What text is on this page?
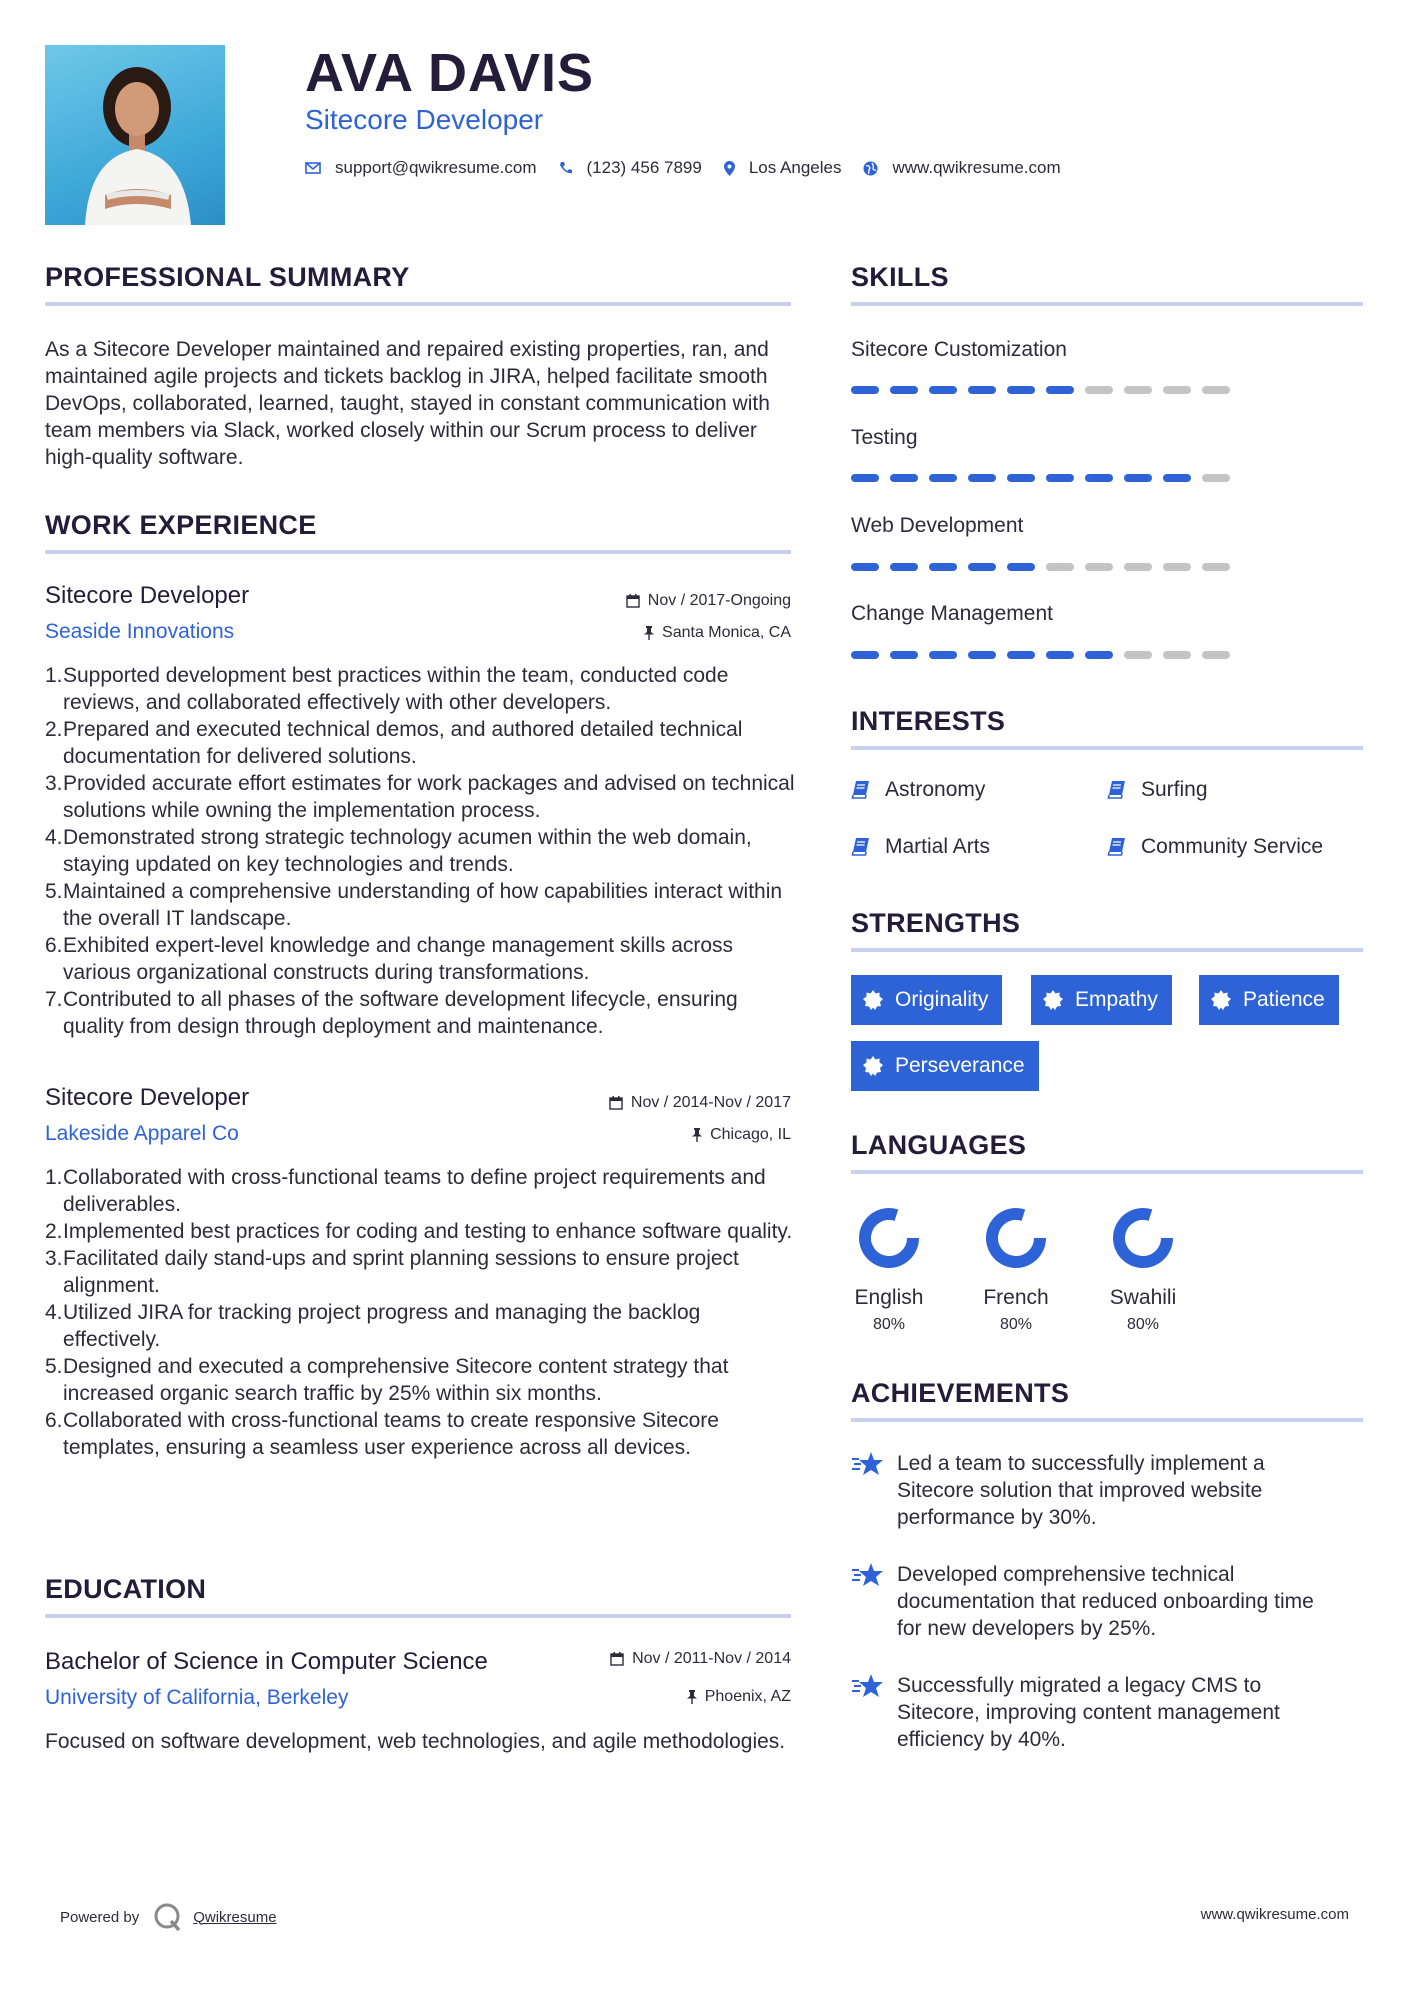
AVA DAVIS
Sitecore Developer
support@qwikresume.com	(123) 456 7899	Los Angeles	www.qwikresume.com
PROFESSIONAL SUMMARY
As a Sitecore Developer maintained and repaired existing properties, ran, and maintained agile projects and tickets backlog in JIRA, helped facilitate smooth DevOps, collaborated, learned, taught, stayed in constant communication with team members via Slack, worked closely within our Scrum process to deliver high-quality software.
WORK EXPERIENCE
Sitecore Developer
Seaside Innovations
Nov / 2017-Ongoing
Santa Monica, CA
1. Supported development best practices within the team, conducted code reviews, and collaborated effectively with other developers.
2. Prepared and executed technical demos, and authored detailed technical documentation for delivered solutions.
3. Provided accurate effort estimates for work packages and advised on technical solutions while owning the implementation process.
4. Demonstrated strong strategic technology acumen within the web domain, staying updated on key technologies and trends.
5. Maintained a comprehensive understanding of how capabilities interact within the overall IT landscape.
6. Exhibited expert-level knowledge and change management skills across various organizational constructs during transformations.
7. Contributed to all phases of the software development lifecycle, ensuring quality from design through deployment and maintenance.
Sitecore Developer
Lakeside Apparel Co
Nov / 2014-Nov / 2017
Chicago, IL
1. Collaborated with cross-functional teams to define project requirements and deliverables.
2. Implemented best practices for coding and testing to enhance software quality.
3. Facilitated daily stand-ups and sprint planning sessions to ensure project alignment.
4. Utilized JIRA for tracking project progress and managing the backlog effectively.
5. Designed and executed a comprehensive Sitecore content strategy that increased organic search traffic by 25% within six months.
6. Collaborated with cross-functional teams to create responsive Sitecore templates, ensuring a seamless user experience across all devices.
EDUCATION
Bachelor of Science in Computer Science
University of California, Berkeley
Nov / 2011-Nov / 2014
Phoenix, AZ
Focused on software development, web technologies, and agile methodologies.
SKILLS
Sitecore Customization
Testing
Web Development
Change Management
INTERESTS
Astronomy	Surfing
Martial Arts	Community Service
STRENGTHS
Originality	Empathy	Patience
Perseverance
LANGUAGES
English
80%
French
80%
Swahili
80%
ACHIEVEMENTS
Led a team to successfully implement a Sitecore solution that improved website performance by 30%.
Developed comprehensive technical documentation that reduced onboarding time for new developers by 25%.
Successfully migrated a legacy CMS to Sitecore, improving content management efficiency by 40%.
Powered by	Qwikresume	www.qwikresume.com
